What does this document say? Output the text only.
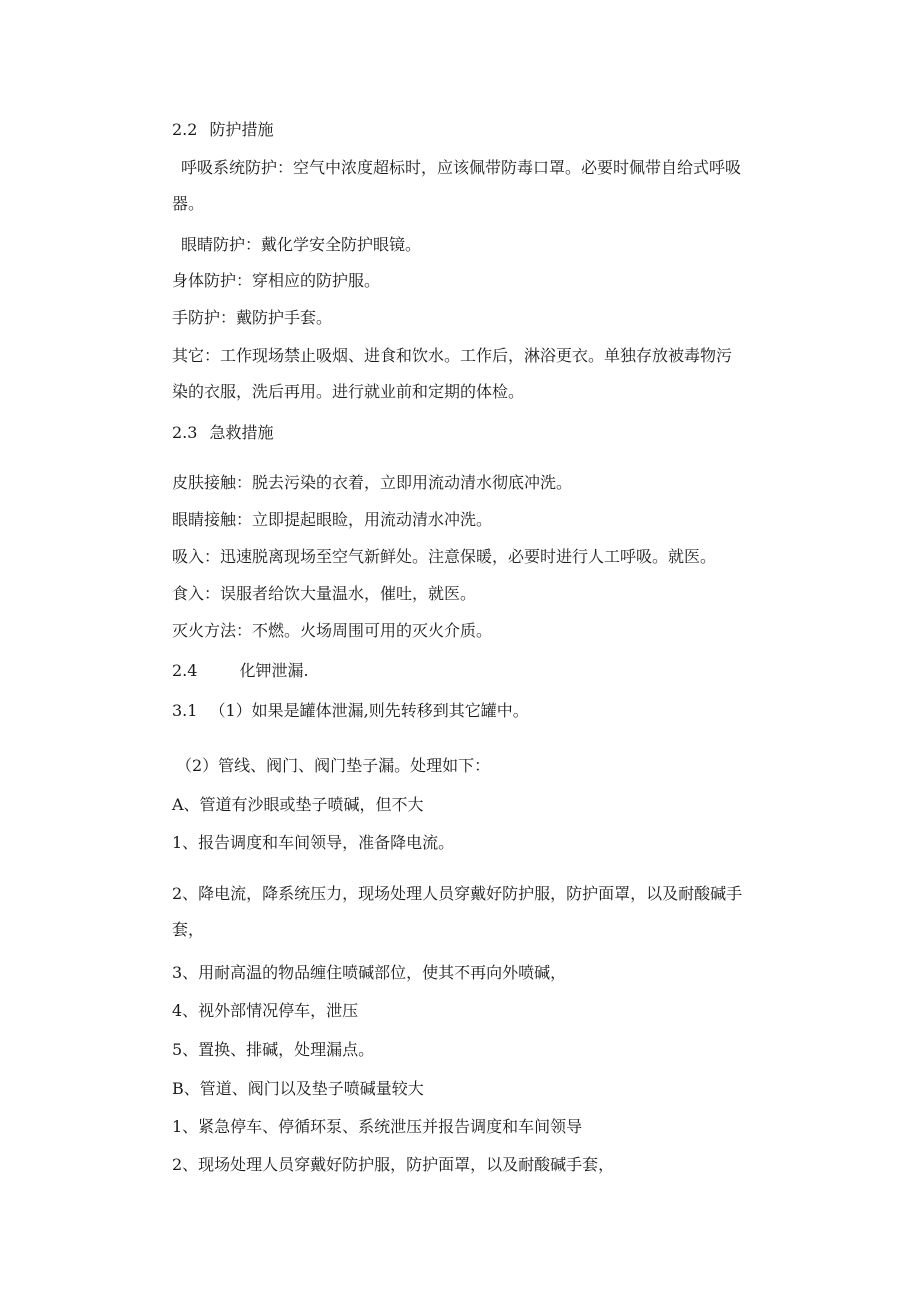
2.2 防护措施
呼吸系统防护：空气中浓度超标时，应该佩带防毒口罩。必要时佩带自给式呼吸
器。
眼睛防护：戴化学安全防护眼镜。
身体防护：穿相应的防护服。
手防护：戴防护手套。
其它：工作现场禁止吸烟、进食和饮水。工作后，淋浴更衣。单独存放被毒物污
染的衣服，洗后再用。进行就业前和定期的体检。
2.3 急救措施
皮肤接触：脱去污染的衣着，立即用流动清水彻底冲洗。
眼睛接触：立即提起眼睑，用流动清水冲洗。
吸入：迅速脱离现场至空气新鲜处。注意保暖，必要时进行人工呼吸。就医。
食入：误服者给饮大量温水，催吐，就医。
灭火方法：不燃。火场周围可用的灭火介质。
2.4	化钾泄漏.
3.1 （1）如果是罐体泄漏,则先转移到其它罐中。
（2）管线、阀门、阀门垫子漏。处理如下：
A、管道有沙眼或垫子喷碱，但不大
1、报告调度和车间领导，准备降电流。
2、降电流，降系统压力，现场处理人员穿戴好防护服，防护面罩，以及耐酸碱手
套，
3、用耐高温的物品缠住喷碱部位，使其不再向外喷碱，
4、视外部情况停车，泄压
5、置换、排碱，处理漏点。
B、管道、阀门以及垫子喷碱量较大
1、紧急停车、停循环泵、系统泄压并报告调度和车间领导
2、现场处理人员穿戴好防护服，防护面罩，以及耐酸碱手套，
